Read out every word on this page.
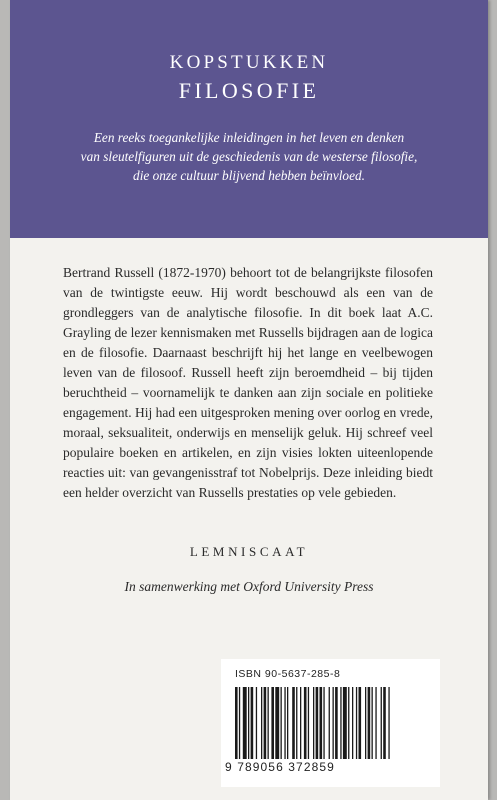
KOPSTUKKEN
FILOSOFIE
Een reeks toegankelijke inleidingen in het leven en denken
van sleutelfiguren uit de geschiedenis van de westerse filosofie,
die onze cultuur blijvend hebben beïnvloed.
Bertrand Russell (1872-1970) behoort tot de belangrijkste filosofen van de twintigste eeuw. Hij wordt beschouwd als een van de grondleggers van de analytische filosofie. In dit boek laat A.C. Grayling de lezer kennismaken met Russells bijdragen aan de logica en de filosofie. Daarnaast beschrijft hij het lange en veelbewogen leven van de filosoof. Russell heeft zijn beroemdheid – bij tijden beruchtheid – voornamelijk te danken aan zijn sociale en politieke engagement. Hij had een uitgesproken mening over oorlog en vrede, moraal, seksualiteit, onderwijs en menselijk geluk. Hij schreef veel populaire boeken en artikelen, en zijn visies lokten uiteenlopende reacties uit: van gevangenisstraf tot Nobelprijs. Deze inleiding biedt een helder overzicht van Russells prestaties op vele gebieden.
LEMNISCAAT
In samenwerking met Oxford University Press
ISBN 90-5637-285-8
9 789056 372859
